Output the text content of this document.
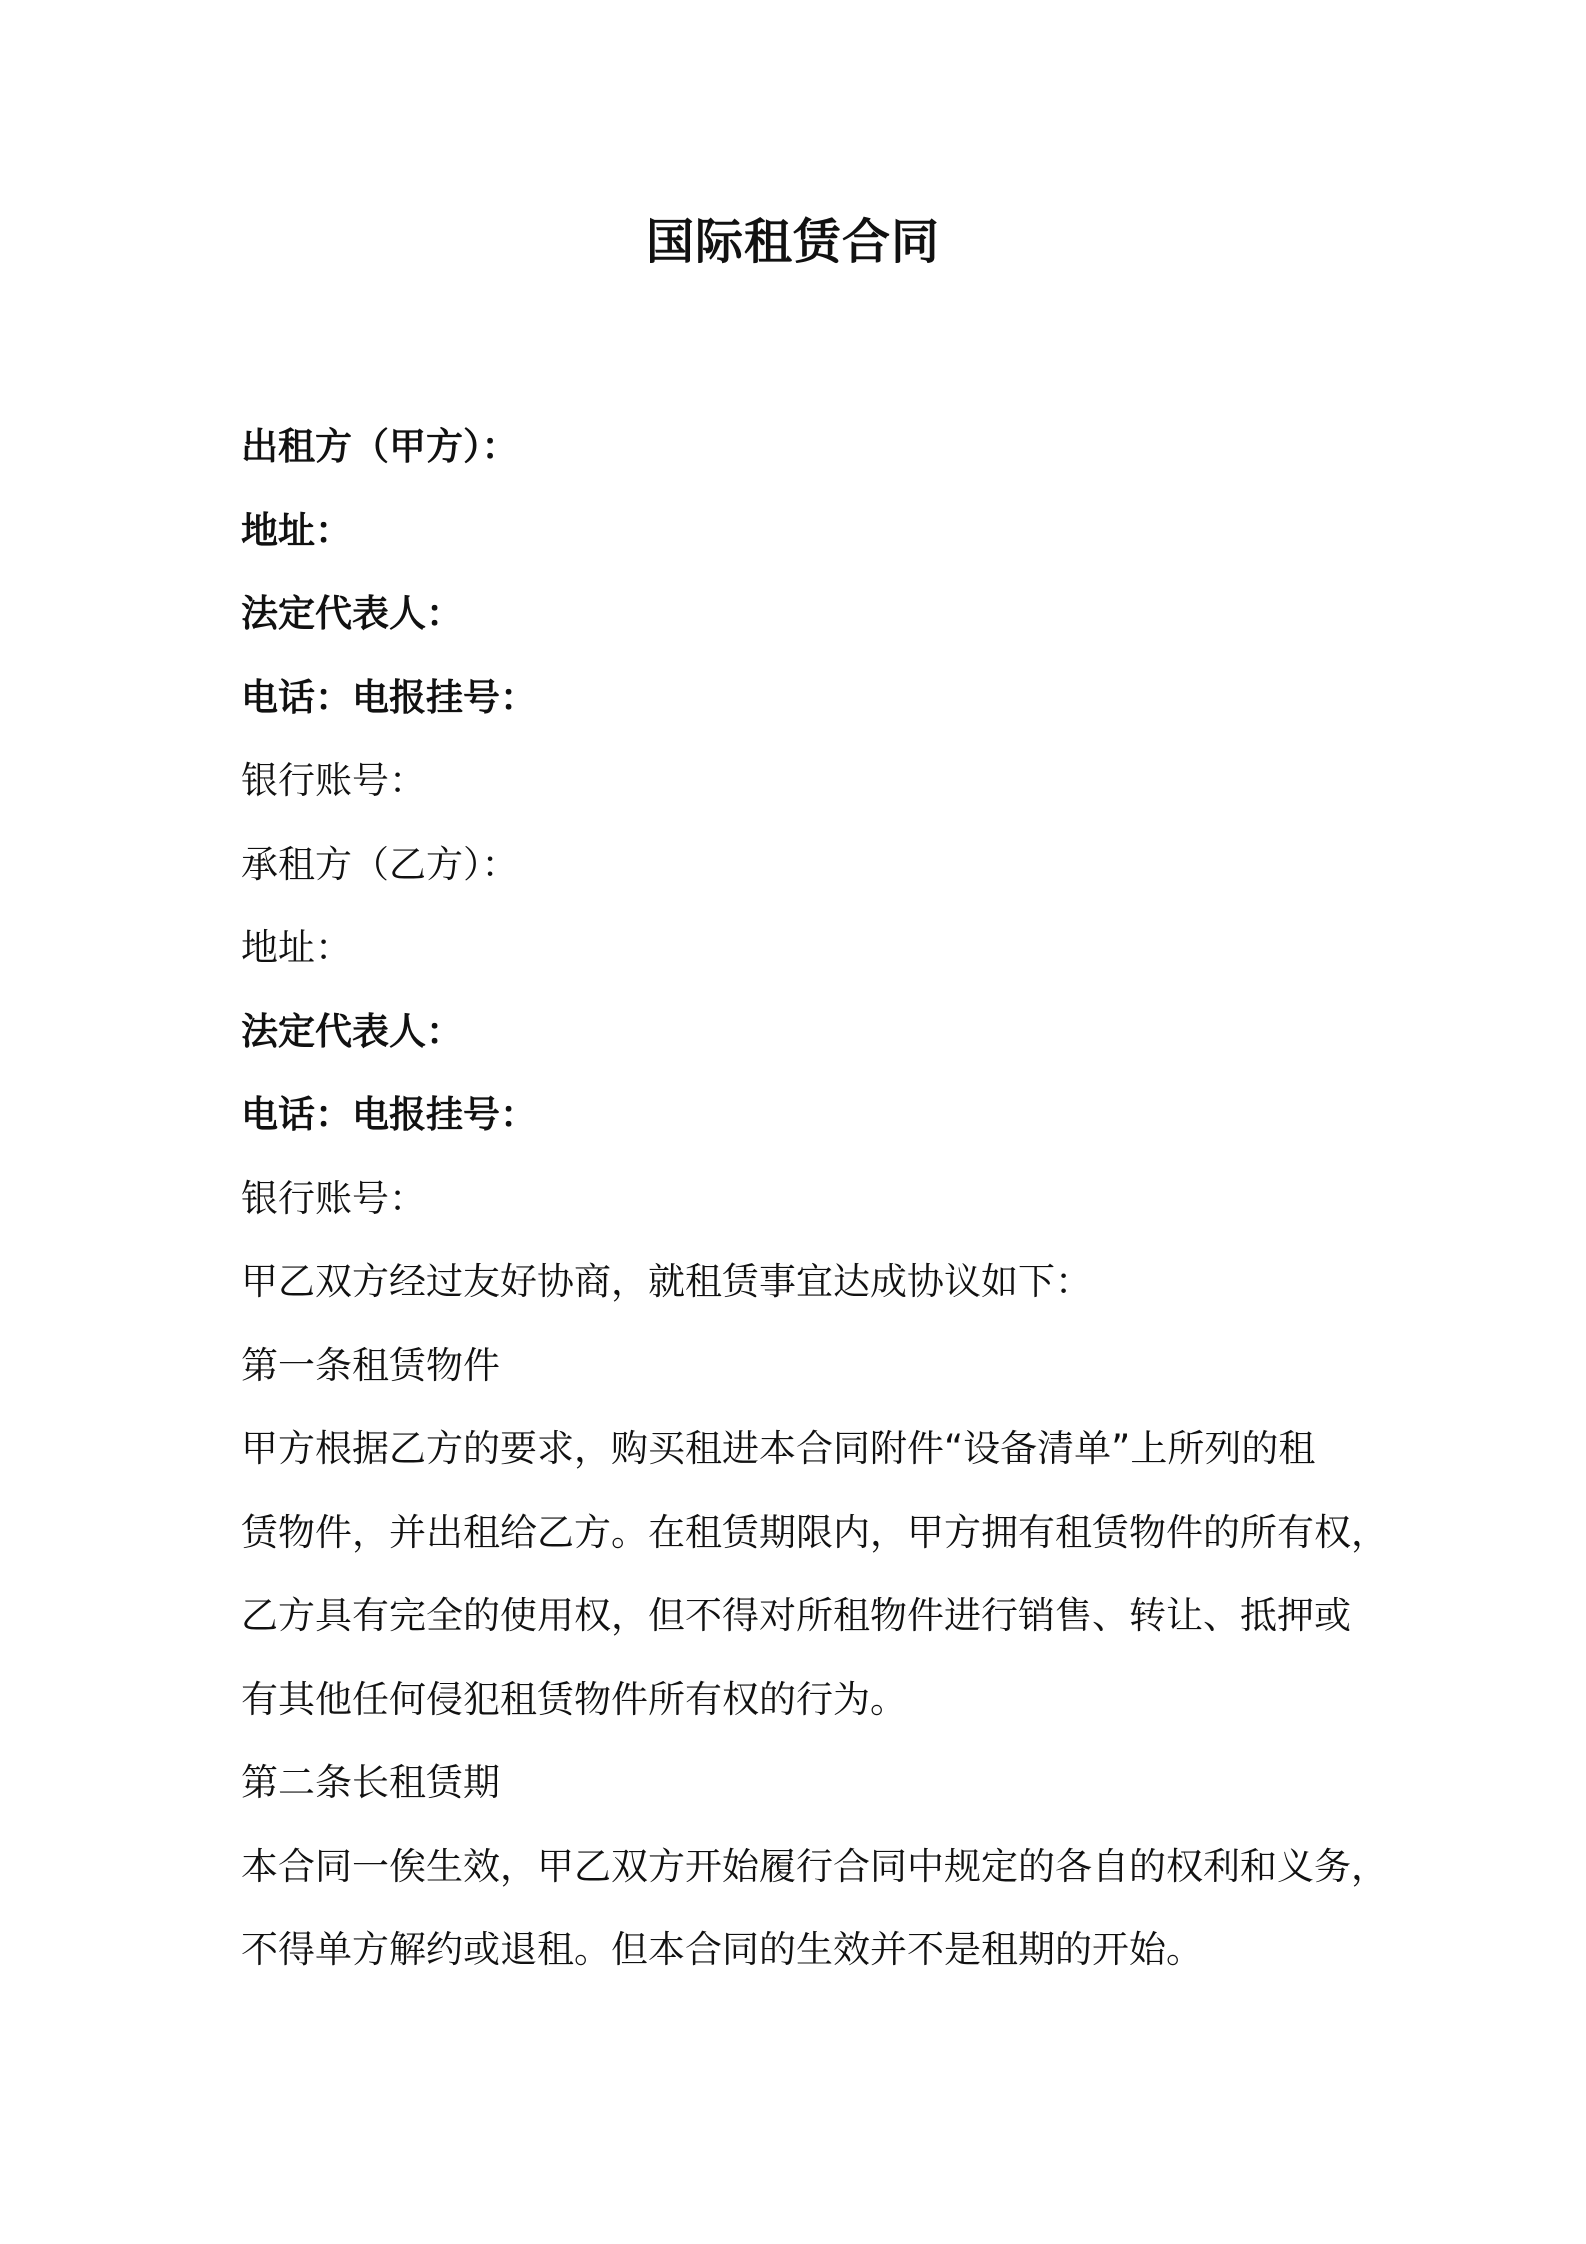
国际租赁合同
出租方（甲方）：
地址：
法定代表人：
电话：电报挂号：
银行账号：
承租方（乙方）：
地址：
法定代表人：
电话：电报挂号：
银行账号：
甲乙双方经过友好协商，就租赁事宜达成协议如下：
第一条租赁物件
甲方根据乙方的要求，购买租进本合同附件“设备清单”上所列的租
赁物件，并出租给乙方。在租赁期限内，甲方拥有租赁物件的所有权，
乙方具有完全的使用权，但不得对所租物件进行销售、转让、抵押或
有其他任何侵犯租赁物件所有权的行为。
第二条长租赁期
本合同一俟生效，甲乙双方开始履行合同中规定的各自的权利和义务，
不得单方解约或退租。但本合同的生效并不是租期的开始。
